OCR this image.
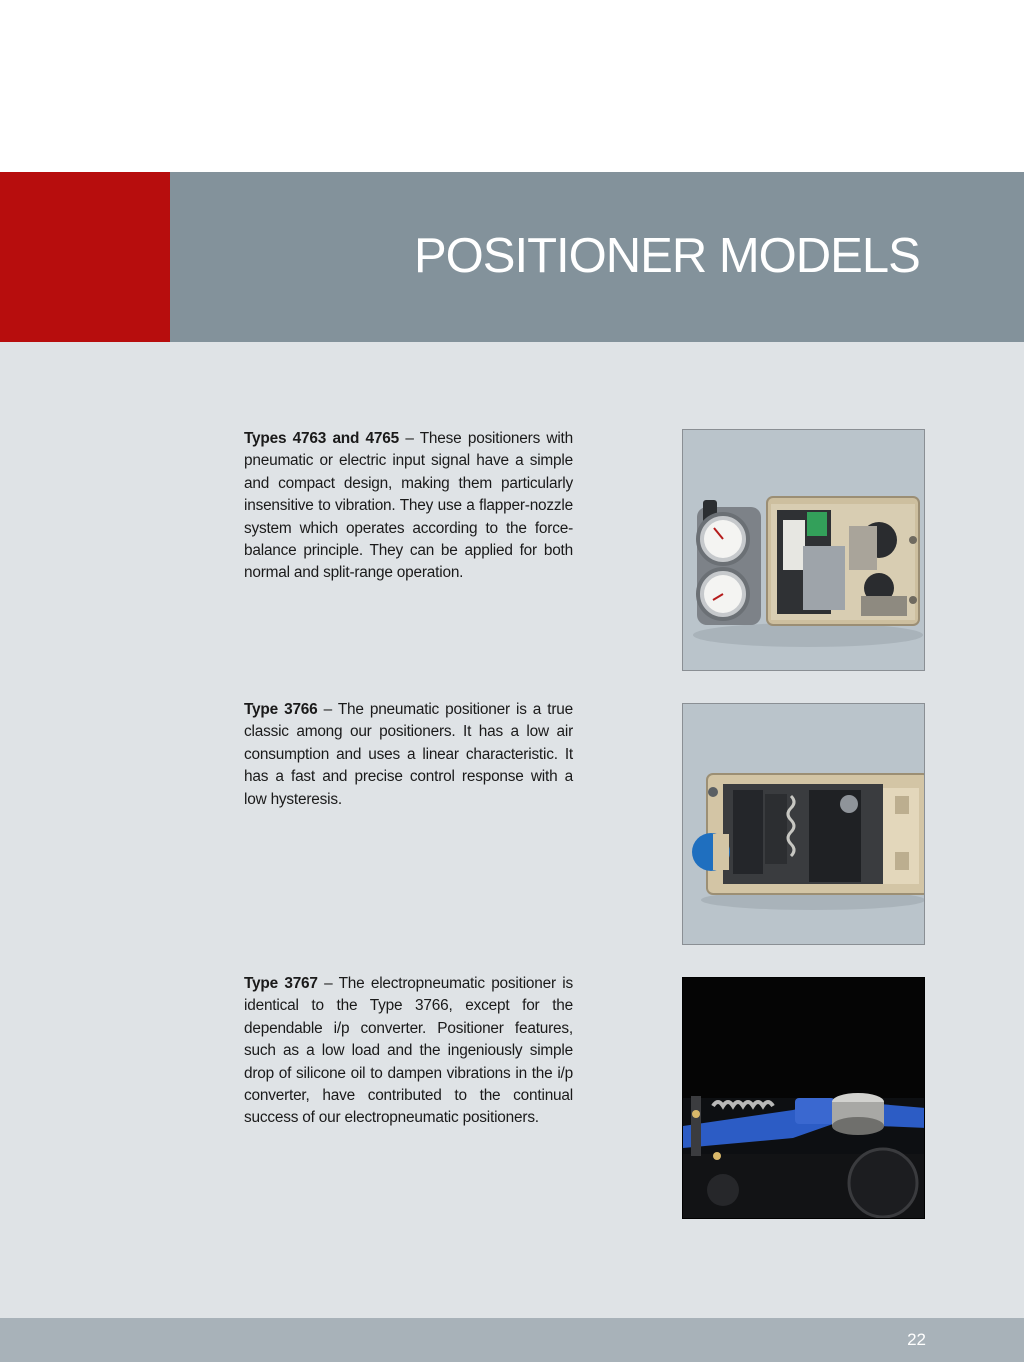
POSITIONER MODELS

Types 4763 and 4765 – These positioners with pneumatic or electric input signal have a simple and compact design, making them particularly insensitive to vibration. They use a flapper-nozzle system which operates according to the force-balance principle. They can be applied for both normal and split-range operation.

Type 3766 – The pneumatic positioner is a true classic among our positioners. It has a low air consumption and uses a linear characteristic. It has a fast and precise control response with a low hysteresis.

Type 3767 – The electropneumatic positioner is identical to the Type 3766, except for the dependable i/p converter. Positioner features, such as a low load and the ingeniously simple drop of silicone oil to dampen vibrations in the i/p converter, have contributed to the continual success of our electropneumatic positioners.

22
